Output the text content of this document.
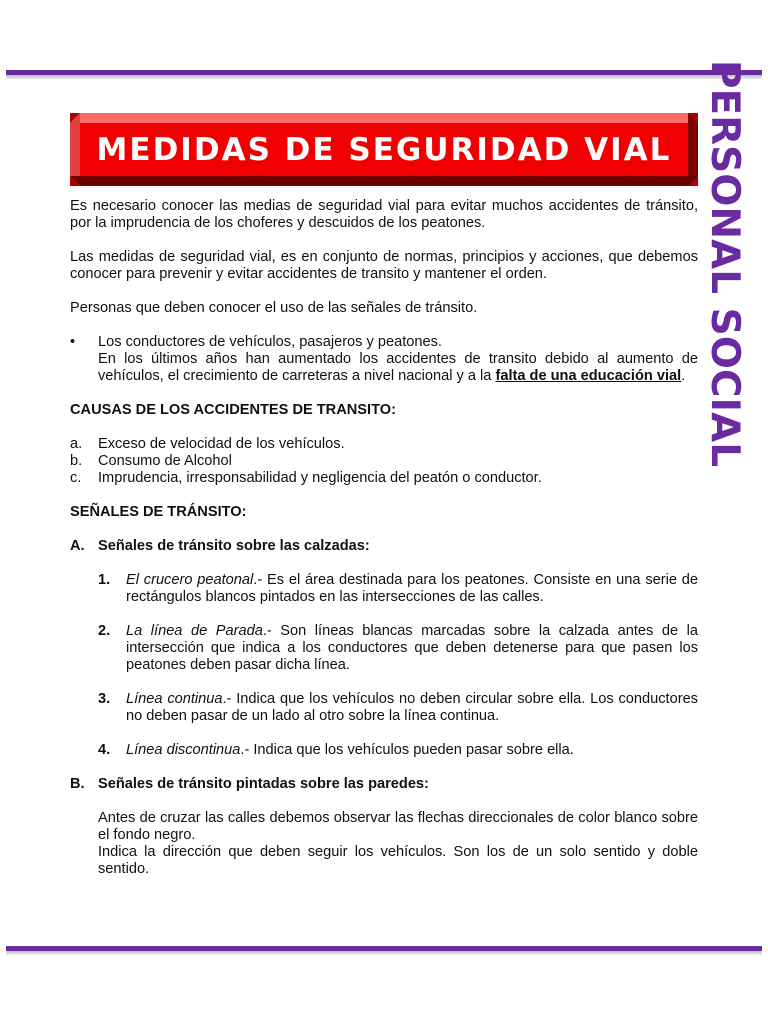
MEDIDAS DE SEGURIDAD VIAL PERSONAL SOCIAL

Es necesario conocer las medias de seguridad vial para evitar muchos accidentes de tránsito, por la imprudencia de los choferes y descuidos de los peatones.

Las medidas de seguridad vial, es en conjunto de normas, principios y acciones, que debemos conocer para prevenir y evitar accidentes de transito y mantener el orden.

Personas que deben conocer el uso de las señales de tránsito.

•	Los conductores de vehículos, pasajeros y peatones.
En los últimos años han aumentado los accidentes de transito debido al aumento de vehículos, el crecimiento de carreteras a nivel nacional y a la falta de una educación vial.

CAUSAS DE LOS ACCIDENTES DE TRANSITO:

a.	Exceso de velocidad de los vehículos.
b.	Consumo de Alcohol
c.	Imprudencia, irresponsabilidad y negligencia del peatón o conductor.

SEÑALES DE TRÁNSITO:

A. Señales de tránsito sobre las calzadas:
1.	El crucero peatonal.- Es el área destinada para los peatones. Consiste en una serie de rectángulos blancos pintados en las intersecciones de las calles.
2.	La línea de Parada.- Son líneas blancas marcadas sobre la calzada antes de la intersección que indica a los conductores que deben detenerse para que pasen los peatones deben pasar dicha línea.
3.	Línea continua.- Indica que los vehículos no deben circular sobre ella. Los conductores no deben pasar de un lado al otro sobre la línea continua.
4.	Línea discontinua.- Indica que los vehículos pueden pasar sobre ella.
B. Señales de tránsito pintadas sobre las paredes:

Antes de cruzar las calles debemos observar las flechas direccionales de color blanco sobre el fondo negro.

Indica la dirección que deben seguir los vehículos. Son los de un solo sentido y doble sentido.
